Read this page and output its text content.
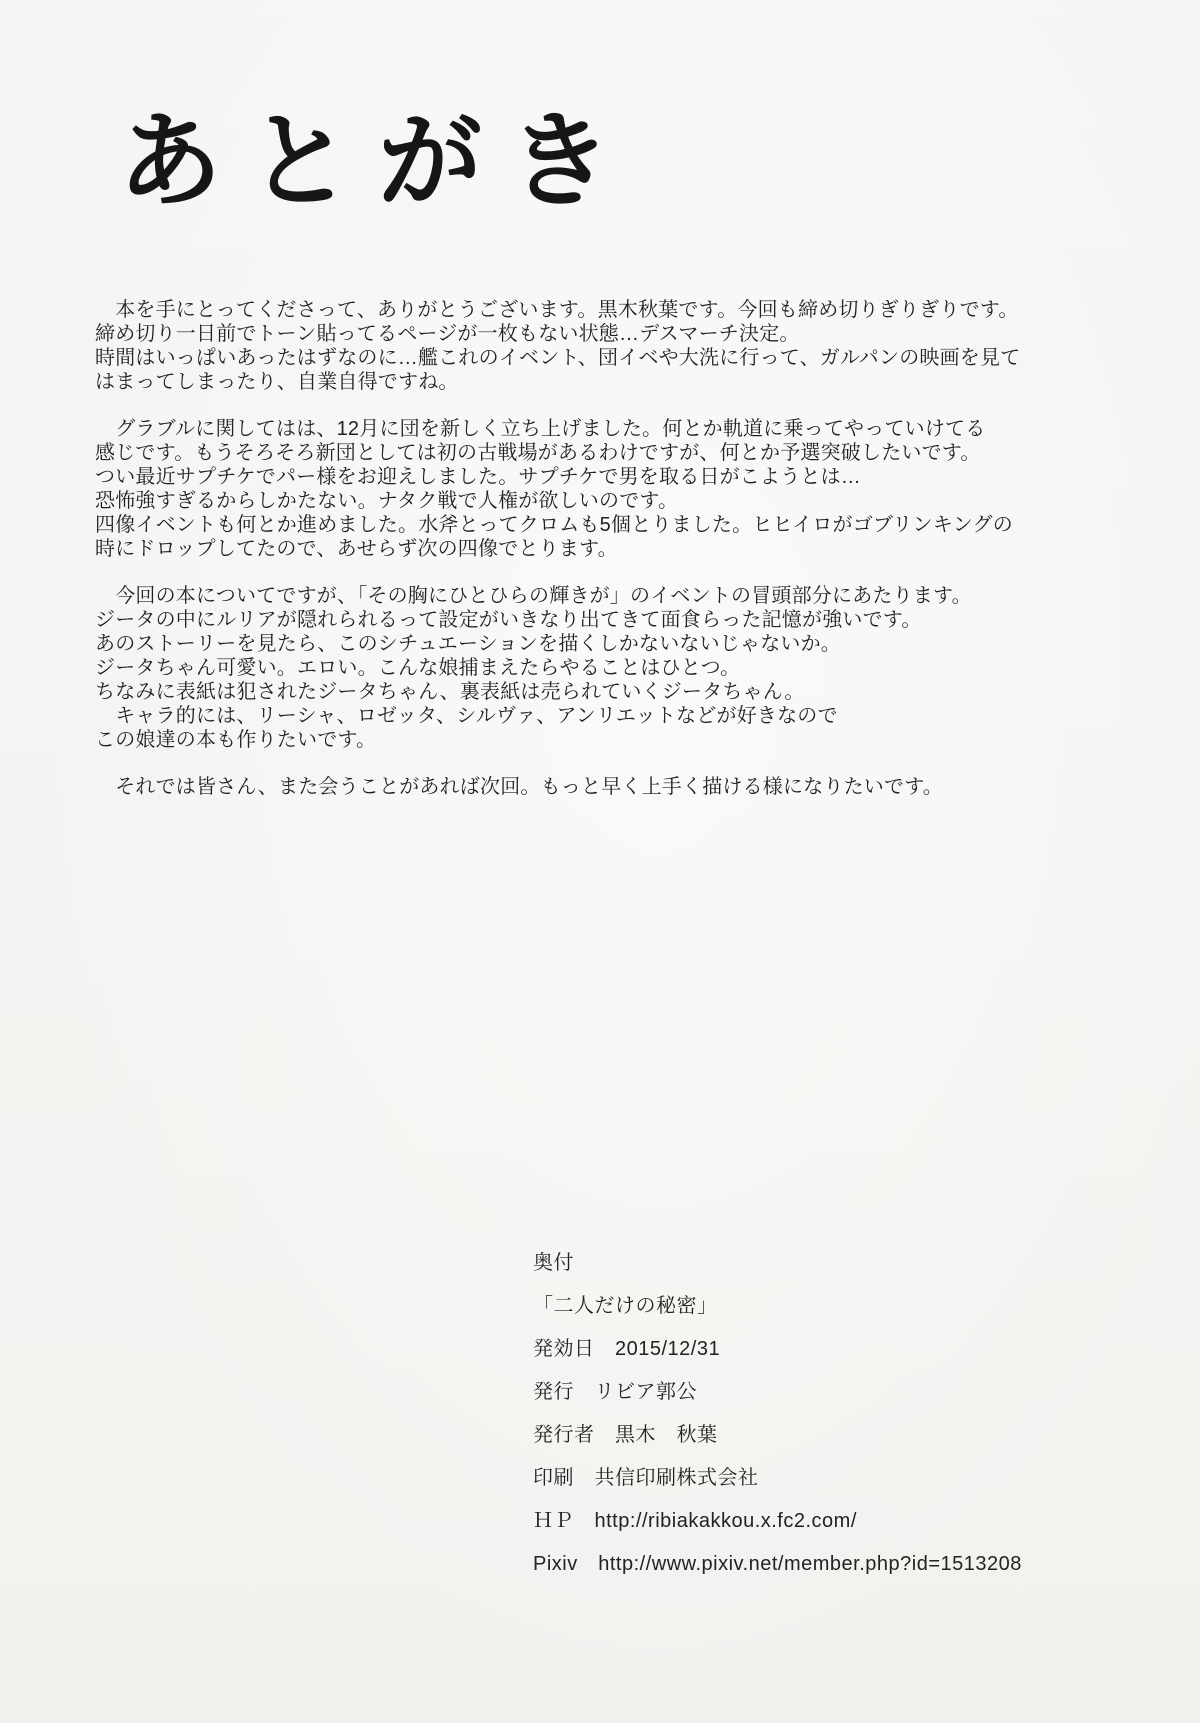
あとがき

　本を手にとってくださって、ありがとうございます。黒木秋葉です。今回も締め切りぎりぎりです。
締め切り一日前でトーン貼ってるページが一枚もない状態…デスマーチ決定。
時間はいっぱいあったはずなのに…艦これのイベント、団イベや大洗に行って、ガルパンの映画を見て
はまってしまったり、自業自得ですね。

　グラブルに関してはは、12月に団を新しく立ち上げました。何とか軌道に乗ってやっていけてる
感じです。もうそろそろ新団としては初の古戦場があるわけですが、何とか予選突破したいです。
つい最近サプチケでパー様をお迎えしました。サプチケで男を取る日がこようとは…
恐怖強すぎるからしかたない。ナタク戦で人権が欲しいのです。
四像イベントも何とか進めました。水斧とってクロムも5個とりました。ヒヒイロがゴブリンキングの
時にドロップしてたので、あせらず次の四像でとります。

　今回の本についてですが、「その胸にひとひらの輝きが」のイベントの冒頭部分にあたります。
ジータの中にルリアが隠れられるって設定がいきなり出てきて面食らった記憶が強いです。
あのストーリーを見たら、このシチュエーションを描くしかないないじゃないか。
ジータちゃん可愛い。エロい。こんな娘捕まえたらやることはひとつ。
ちなみに表紙は犯されたジータちゃん、裏表紙は売られていくジータちゃん。
　キャラ的には、リーシャ、ロゼッタ、シルヴァ、アンリエットなどが好きなので
この娘達の本も作りたいです。

　それでは皆さん、また会うことがあれば次回。もっと早く上手く描ける様になりたいです。

奥付
「二人だけの秘密」
発効日　2015/12/31
発行　リビア郭公
発行者　黒木　秋葉
印刷　共信印刷株式会社
ＨＰ　http://ribiakakkou.x.fc2.com/
Pixiv　http://www.pixiv.net/member.php?id=1513208
